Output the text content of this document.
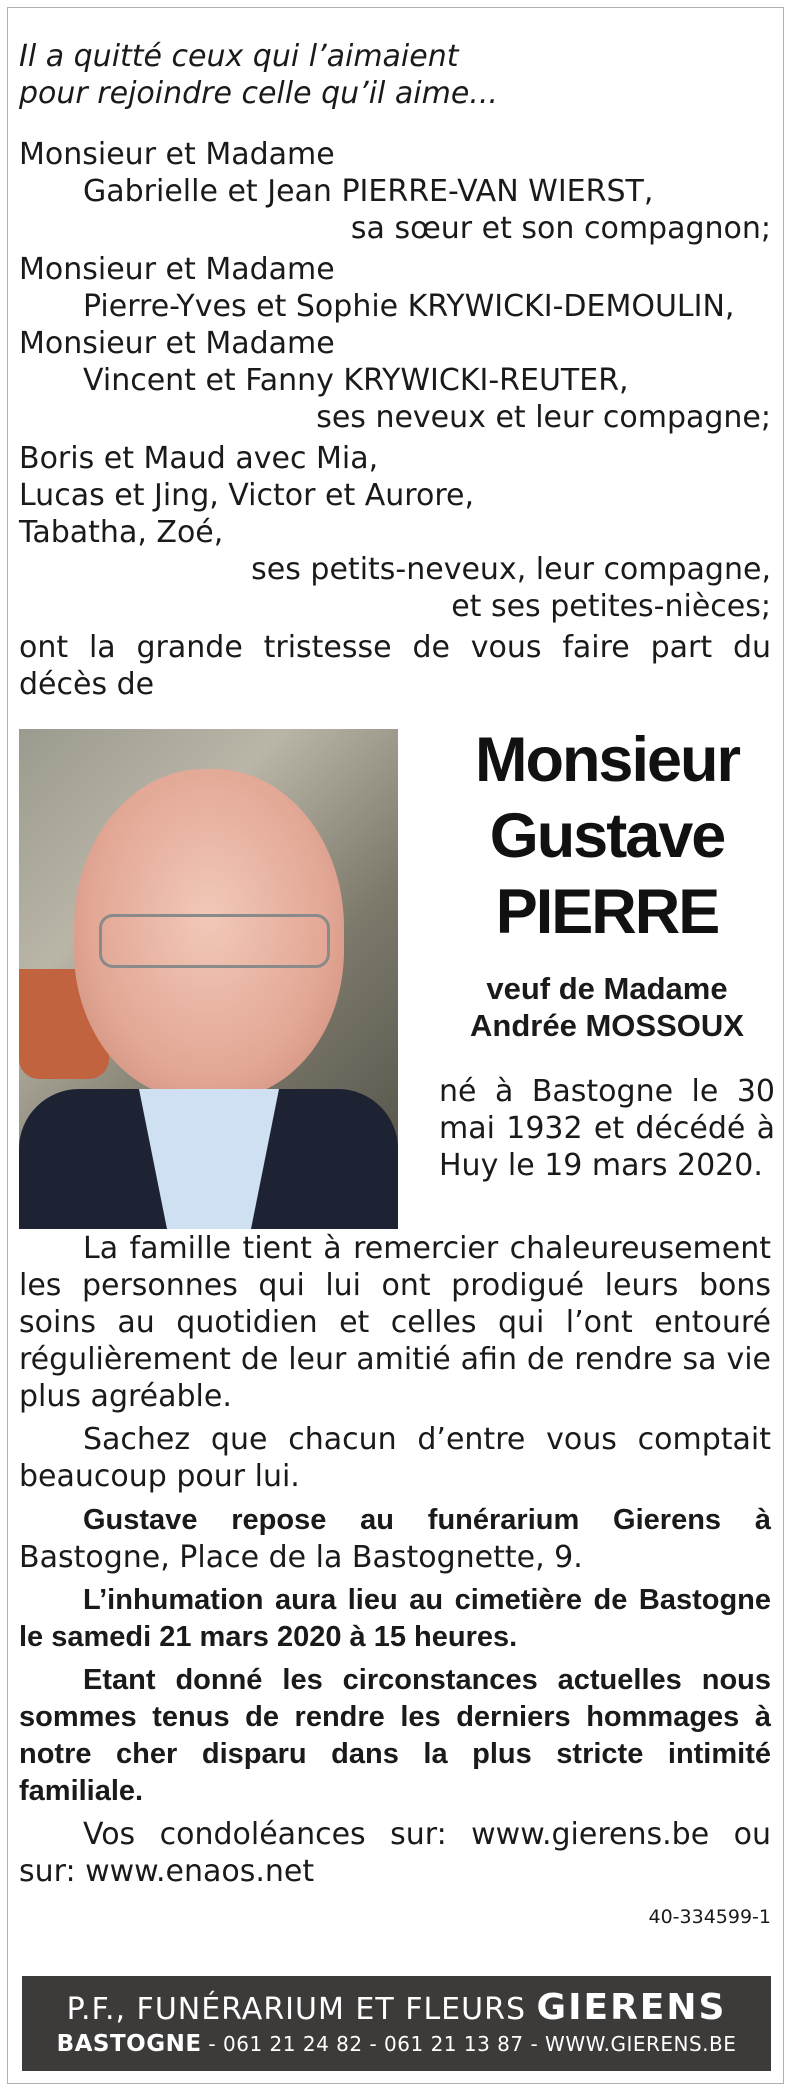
Il a quitté ceux qui l’aimaient
pour rejoindre celle qu’il aime...
Monsieur et Madame
Gabrielle et Jean PIERRE-VAN WIERST,
sa sœur et son compagnon;
Monsieur et Madame
Pierre-Yves et Sophie KRYWICKI-DEMOULIN,
Monsieur et Madame
Vincent et Fanny KRYWICKI-REUTER,
ses neveux et leur compagne;
Boris et Maud avec Mia,
Lucas et Jing, Victor et Aurore,
Tabatha, Zoé,
ses petits-neveux, leur compagne,
et ses petites-nièces;
ont la grande tristesse de vous faire part du décès de
Monsieur
Gustave
PIERRE
veuf de Madame
Andrée MOSSOUX
né à Bastogne le 30 mai 1932 et décédé à Huy le 19 mars 2020.

La famille tient à remercier chaleureusement les personnes qui lui ont prodigué leurs bons soins au quotidien et celles qui l’ont entouré régulièrement de leur amitié afin de rendre sa vie plus agréable.

Sachez que chacun d’entre vous comptait beaucoup pour lui.

Gustave repose au funérarium Gierens à Bastogne, Place de la Bastognette, 9.

L’inhumation aura lieu au cimetière de Bastogne le samedi 21 mars 2020 à 15 heures.

Etant donné les circonstances actuelles nous sommes tenus de rendre les derniers hommages à notre cher disparu dans la plus stricte intimité familiale.

Vos condoléances sur: www.gierens.be ou sur: www.enaos.net

40-334599-1
P.F., FUNÉRARIUM ET FLEURS GIERENS
BASTOGNE - 061 21 24 82 - 061 21 13 87 - WWW.GIERENS.BE
